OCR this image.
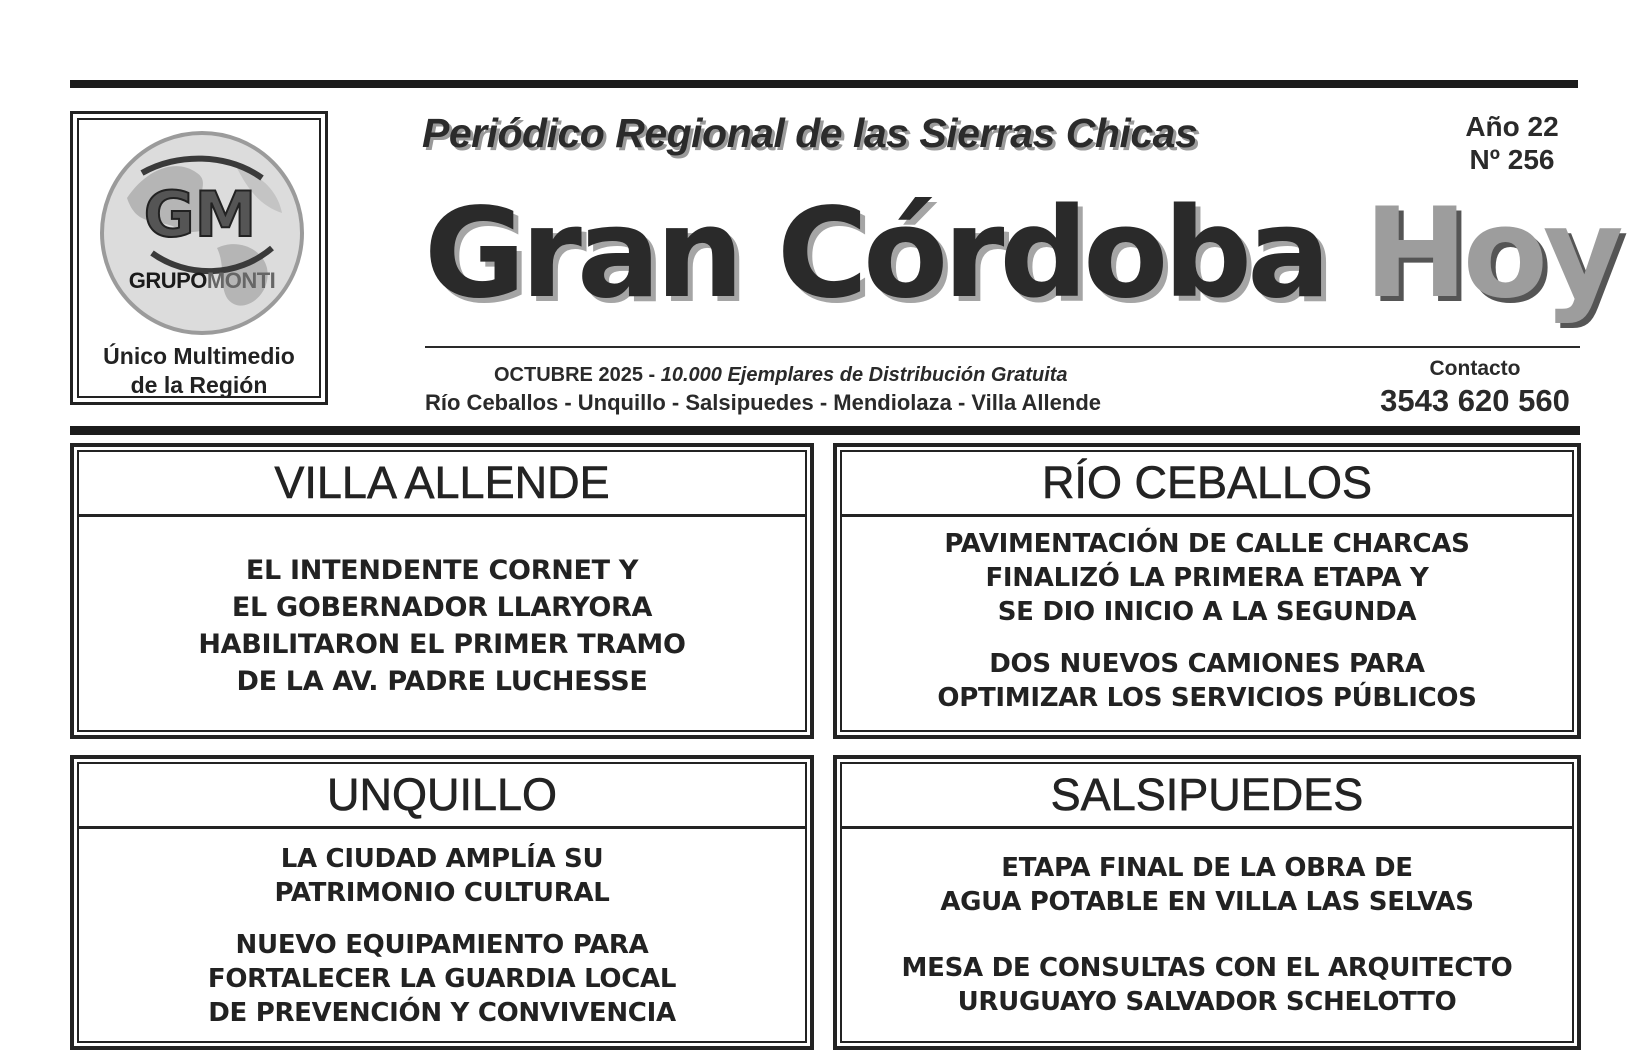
GM
GRUPOMONTI
Único Multimedio
de la Región
Periódico Regional de las Sierras Chicas	Año 22
Nº 256
Gran Córdoba Hoy
OCTUBRE 2025 - 10.000 Ejemplares de Distribución Gratuita
Río Ceballos - Unquillo - Salsipuedes - Mendiolaza - Villa Allende
Contacto
3543 620 560
VILLA ALLENDE

EL INTENDENTE CORNET Y
EL GOBERNADOR LLARYORA
HABILITARON EL PRIMER TRAMO
DE LA AV. PADRE LUCHESSE

RÍO CEBALLOS

PAVIMENTACIÓN DE CALLE CHARCAS
FINALIZÓ LA PRIMERA ETAPA Y
SE DIO INICIO A LA SEGUNDA

DOS NUEVOS CAMIONES PARA
OPTIMIZAR LOS SERVICIOS PÚBLICOS

UNQUILLO

LA CIUDAD AMPLÍA SU
PATRIMONIO CULTURAL

NUEVO EQUIPAMIENTO PARA
FORTALECER LA GUARDIA LOCAL
DE PREVENCIÓN Y CONVIVENCIA

SALSIPUEDES

ETAPA FINAL DE LA OBRA DE
AGUA POTABLE EN VILLA LAS SELVAS

MESA DE CONSULTAS CON EL ARQUITECTO
URUGUAYO SALVADOR SCHELOTTO
